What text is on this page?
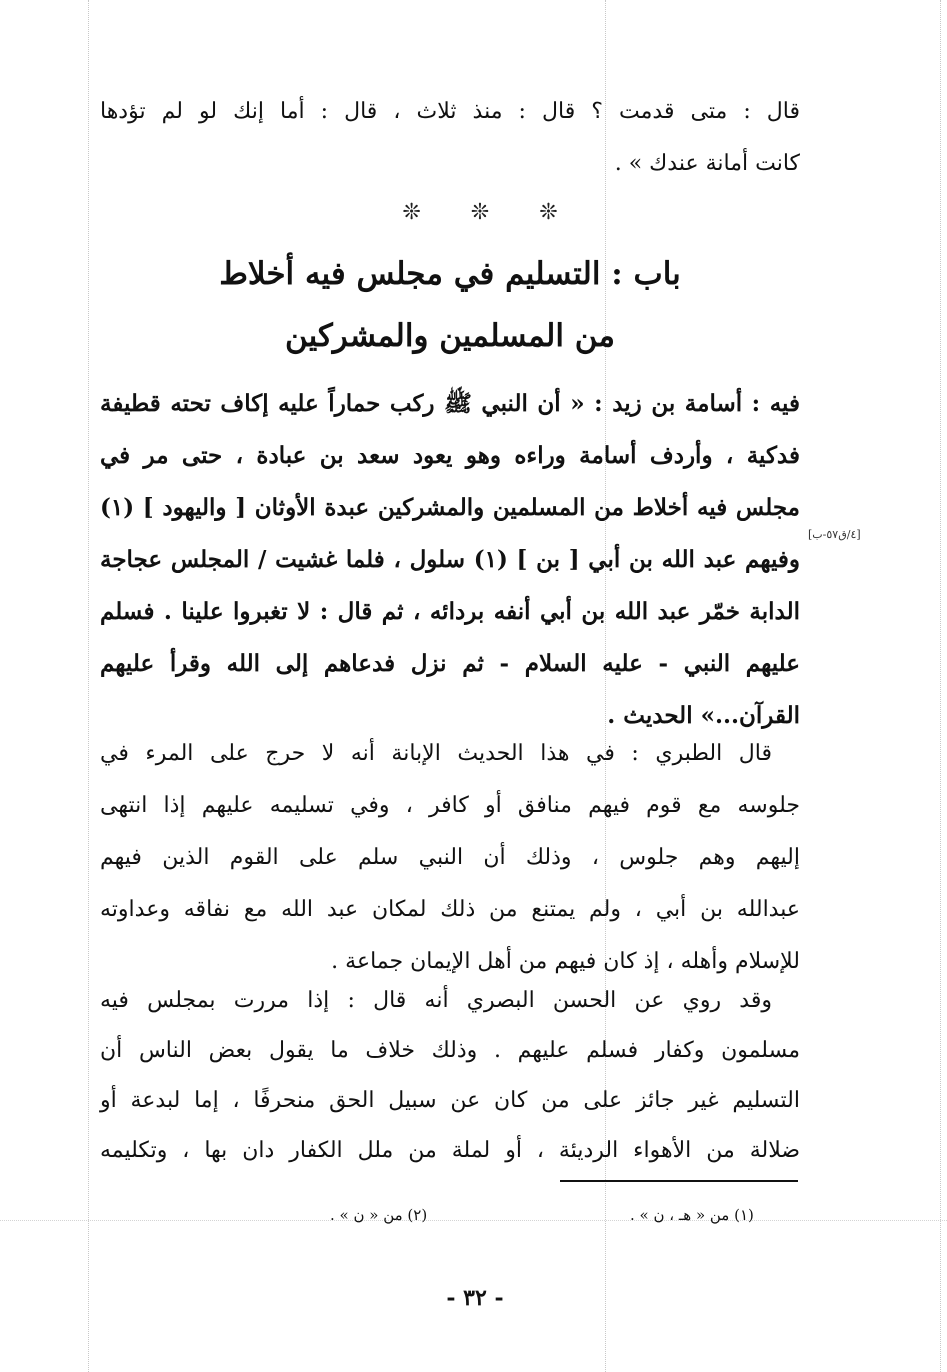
قال : متى قدمت ؟ قال : منذ ثلاث ، قال : أما إنك لو لم تؤدها
كانت أمانة عندك » .
❊ ❊ ❊
باب : التسليم في مجلس فيه أخلاط
من المسلمين والمشركين
فيه : أسامة بن زيد : « أن النبي ﷺ ركب حماراً عليه إكاف تحته قطيفة
فدكية ، وأردف أسامة وراءه وهو يعود سعد بن عبادة ، حتى مر في
مجلس فيه أخلاط من المسلمين والمشركين عبدة الأوثان [ واليهود ] (١)
وفيهم عبد الله بن أبي [ بن ] (١) سلول ، فلما غشيت / المجلس عجاجة
الدابة خمّر عبد الله بن أبي أنفه بردائه ، ثم قال : لا تغبروا علينا . فسلم
عليهم النبي - عليه السلام - ثم نزل فدعاهم إلى الله وقرأ عليهم
القرآن...» الحديث .
[٤/ق٥٧-ب]
قال الطبري : في هذا الحديث الإبانة أنه لا حرج على المرء في
جلوسه مع قوم فيهم منافق أو كافر ، وفي تسليمه عليهم إذا انتهى
إليهم وهم جلوس ، وذلك أن النبي سلم على القوم الذين فيهم
عبدالله بن أبي ، ولم يمتنع من ذلك لمكان عبد الله مع نفاقه وعداوته
للإسلام وأهله ، إذ كان فيهم من أهل الإيمان جماعة .
وقد روي عن الحسن البصري أنه قال : إذا مررت بمجلس فيه
مسلمون وكفار فسلم عليهم . وذلك خلاف ما يقول بعض الناس أن
التسليم غير جائز على من كان عن سبيل الحق منحرفًا ، إما لبدعة أو
ضلالة من الأهواء الرديئة ، أو لملة من ملل الكفار دان بها ، وتكليمه
(١) من « هـ ، ن » .
(٢) من « ن » .
- ٣٢ -
